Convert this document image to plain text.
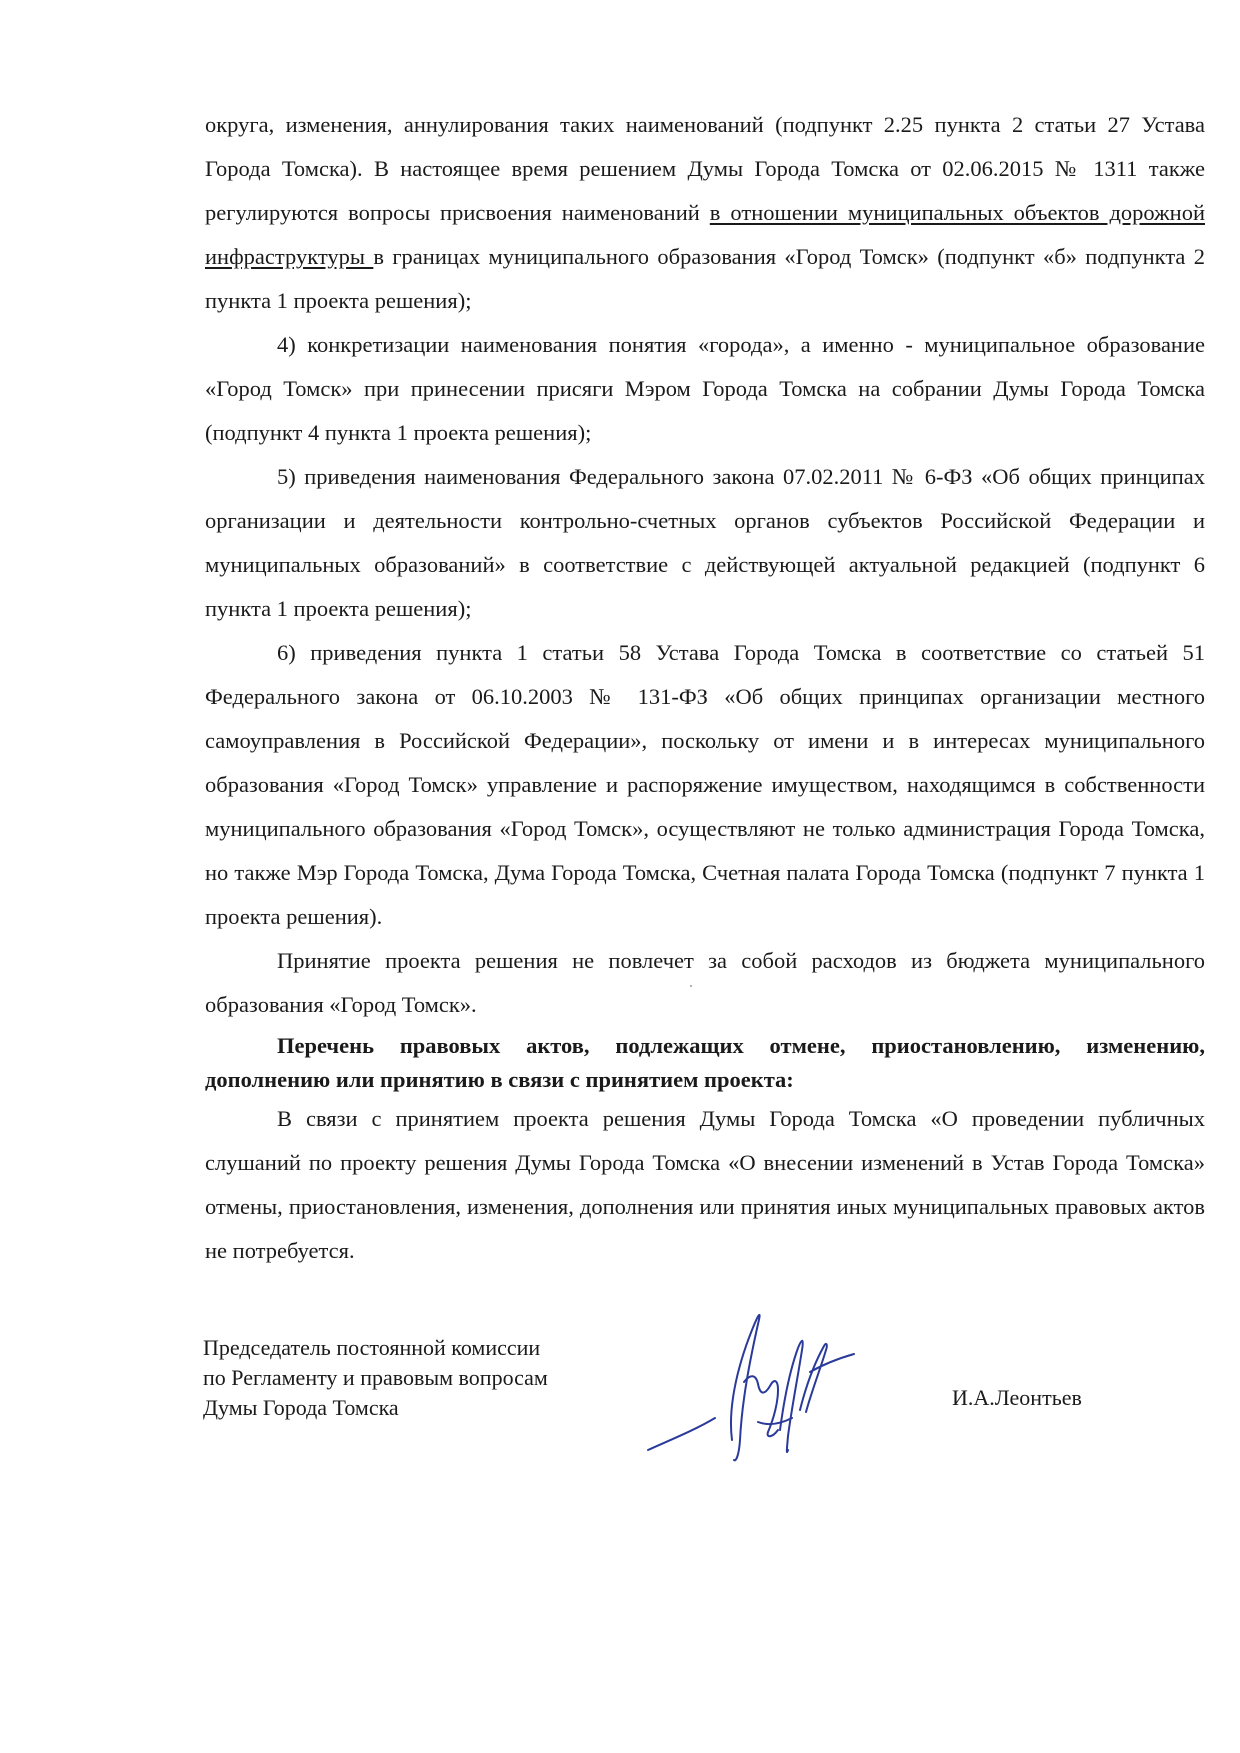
округа, изменения, аннулирования таких наименований (подпункт 2.25 пункта 2 статьи 27 Устава Города Томска). В настоящее время решением Думы Города Томска от 02.06.2015 № 1311 также регулируются вопросы присвоения наименований в отношении муниципальных объектов дорожной инфраструктуры в границах муниципального образования «Город Томск» (подпункт «б» подпункта 2 пункта 1 проекта решения);

4) конкретизации наименования понятия «города», а именно - муниципальное образование «Город Томск» при принесении присяги Мэром Города Томска на собрании Думы Города Томска (подпункт 4 пункта 1 проекта решения);

5) приведения наименования Федерального закона 07.02.2011 № 6-ФЗ «Об общих принципах организации и деятельности контрольно-счетных органов субъектов Российской Федерации и муниципальных образований» в соответствие с действующей актуальной редакцией (подпункт 6 пункта 1 проекта решения);

6) приведения пункта 1 статьи 58 Устава Города Томска в соответствие со статьей 51 Федерального закона от 06.10.2003 № 131-ФЗ «Об общих принципах организации местного самоуправления в Российской Федерации», поскольку от имени и в интересах муниципального образования «Город Томск» управление и распоряжение имуществом, находящимся в собственности муниципального образования «Город Томск», осуществляют не только администрация Города Томска, но также Мэр Города Томска, Дума Города Томска, Счетная палата Города Томска (подпункт 7 пункта 1 проекта решения).

Принятие проекта решения не повлечет за собой расходов из бюджета муниципального образования «Город Томск».

Перечень правовых актов, подлежащих отмене, приостановлению, изменению, дополнению или принятию в связи с принятием проекта:

В связи с принятием проекта решения Думы Города Томска «О проведении публичных слушаний по проекту решения Думы Города Томска «О внесении изменений в Устав Города Томска» отмены, приостановления, изменения, дополнения или принятия иных муниципальных правовых актов не потребуется.

Председатель постоянной комиссии
по Регламенту и правовым вопросам
Думы Города Томска	И.А.Леонтьев
